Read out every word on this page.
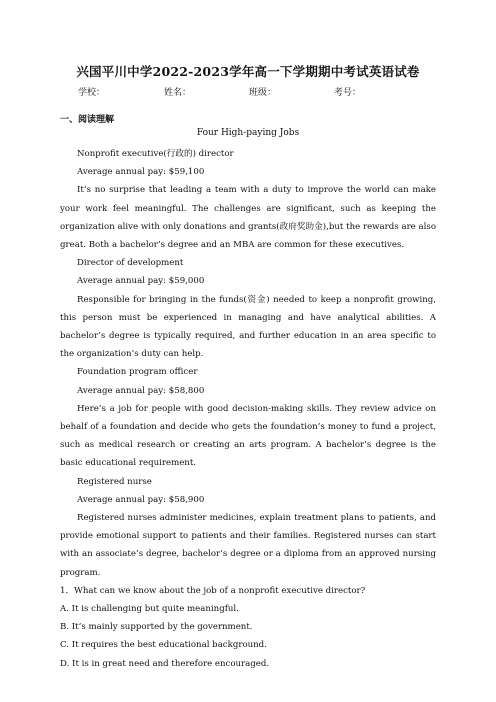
兴国平川中学2022-2023学年高一下学期期中考试英语试卷
学校：	姓名：	班级：	考号：
一、阅读理解
Four High-paying Jobs

Nonprofit executive(行政的) director

Average annual pay: $59,100

It’s no surprise that leading a team with a duty to improve the world can make your work feel meaningful. The challenges are significant, such as keeping the organization alive with only donations and grants(政府奖助金),but the rewards are also great. Both a bachelor’s degree and an MBA are common for these executives.

Director of development

Average annual pay: $59,000

Responsible for bringing in the funds(资金) needed to keep a nonprofit growing, this person must be experienced in managing and have analytical abilities. A bachelor’s degree is typically required, and further education in an area specific to the organization’s duty can help.

Foundation program officer

Average annual pay: $58,800

Here’s a job for people with good decision-making skills. They review advice on behalf of a foundation and decide who gets the foundation’s money to fund a project, such as medical research or creating an arts program. A bachelor’s degree is the basic educational requirement.

Registered nurse

Average annual pay: $58,900

Registered nurses administer medicines, explain treatment plans to patients, and provide emotional support to patients and their families. Registered nurses can start with an associate’s degree, bachelor’s degree or a diploma from an approved nursing program.

1．What can we know about the job of a nonprofit executive director?
A. It is challenging but quite meaningful.
B. It’s mainly supported by the government.
C. It requires the best educational background.
D. It is in great need and therefore encouraged.
